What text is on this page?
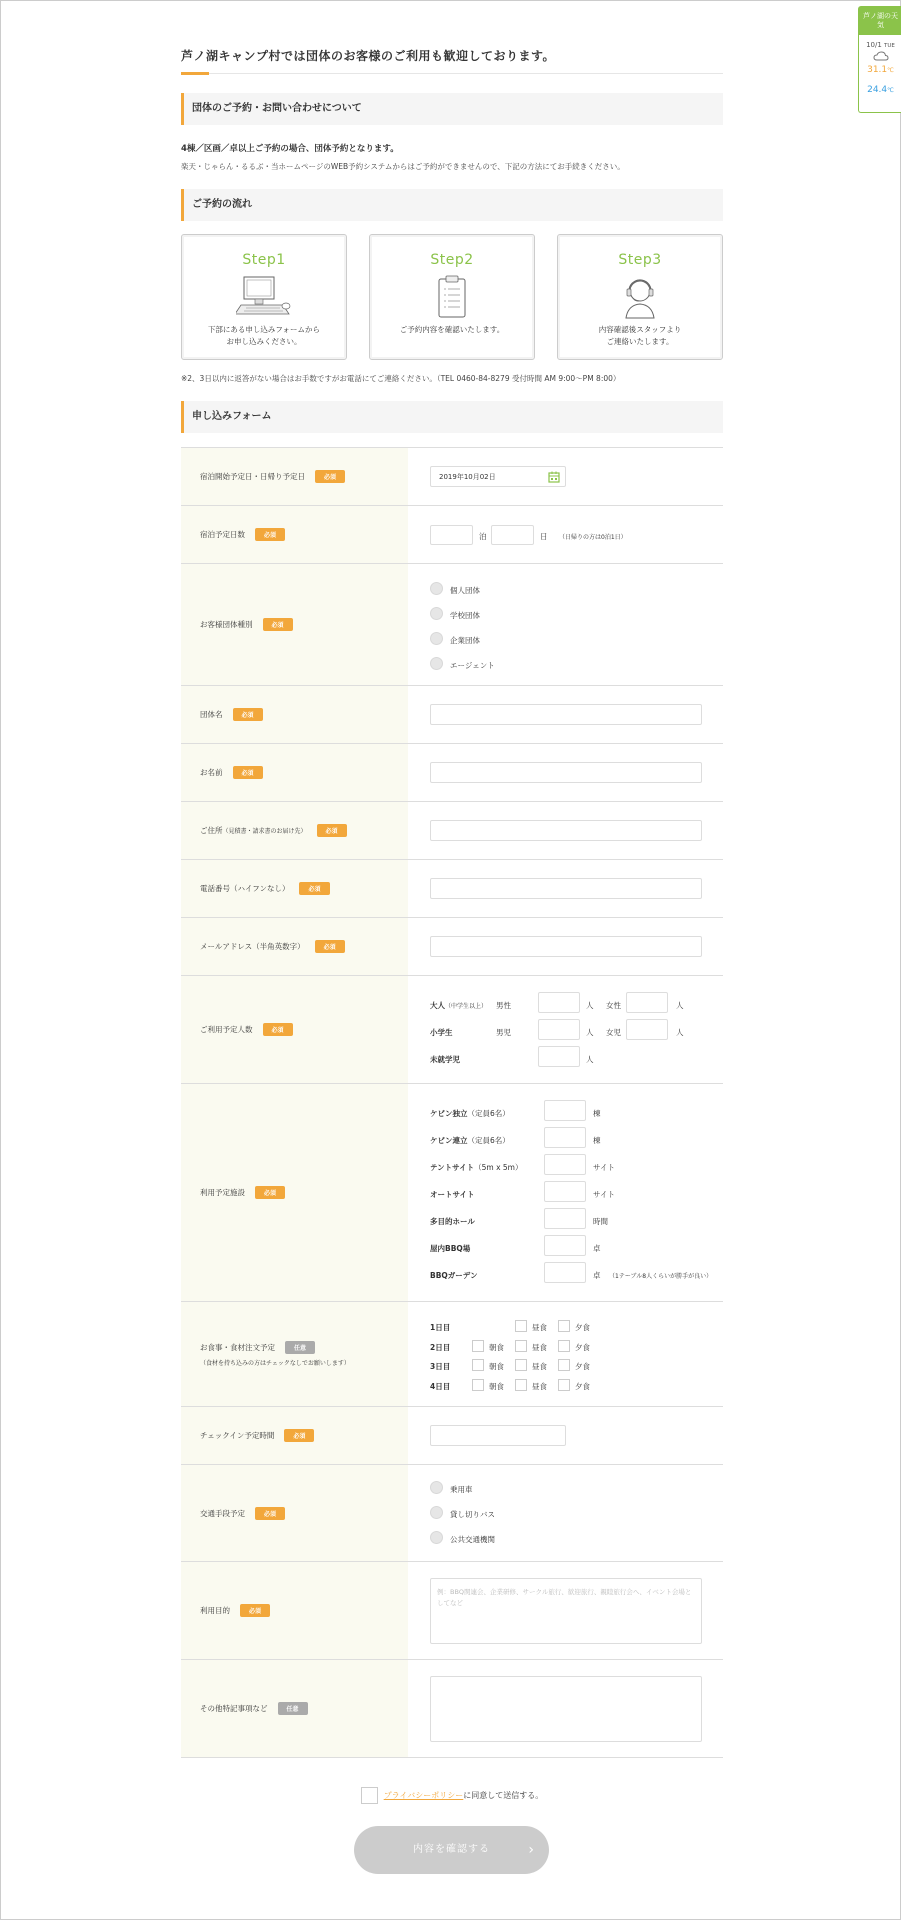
芦ノ湖キャンプ村では団体のお客様のご利用も歓迎しております。
団体のご予約・お問い合わせについて
4棟／区画／卓以上ご予約の場合、団体予約となります。
楽天・じゃらん・るるぶ・当ホームページのWEB予約システムからはご予約ができませんので、下記の方法にてお手続きください。
ご予約の流れ
Step1
下部にある申し込みフォームから
お申し込みください。
Step2
ご予約内容を確認いたします。
Step3
内容確認後スタッフより
ご連絡いたします。
※2、3日以内に返答がない場合はお手数ですがお電話にてご連絡ください。（TEL 0460-84-8279 受付時間 AM 9:00〜PM 8:00）
申し込みフォーム
宿泊開始予定日・日帰り予定日	必須	2019年10月02日
宿泊予定日数	必須	泊	日 （日帰りの方は0泊1日）
お客様団体種別	必須
個人団体
学校団体
企業団体
エージェント
団体名	必須
お名前	必須
ご住所 （見積書・請求書のお届け先）	必須
電話番号（ハイフンなし）	必須
メールアドレス（半角英数字）	必須
ご利用予定人数	必須
大人（中学生以上） 男性	人 女性	人
小学生	男児	人 女児	人
未就学児	人
利用予定施設	必須
ケビン独立（定員6名）	棟
ケビン連立（定員6名）	棟
テントサイト（5m x 5m）	サイト
オートサイト	サイト
多目的ホール	時間
屋内BBQ場	卓
BBQガーデン	卓 （1テーブル8人くらいが勝手が良い）
お食事・食材注文予定	任意
（食材を持ち込みの方はチェックなしでお願いします）
1日目	昼食	夕食
2日目	朝食	昼食	夕食
3日目	朝食	昼食	夕食
4日目	朝食	昼食	夕食
チェックイン予定時間	必須
交通手段予定	必須
乗用車
貸し切りバス
公共交通機関
利用目的	必須
例：BBQ関連会、企業研修、サークル旅行、歓迎旅行、親睦旅行会へ、イベント会場としてなど
その他特記事項など	任意
プライバシーポリシーに同意して送信する。
内容を確認する	›
芦ノ湖の天気
10/1 TUE
31.1℃
24.4℃
